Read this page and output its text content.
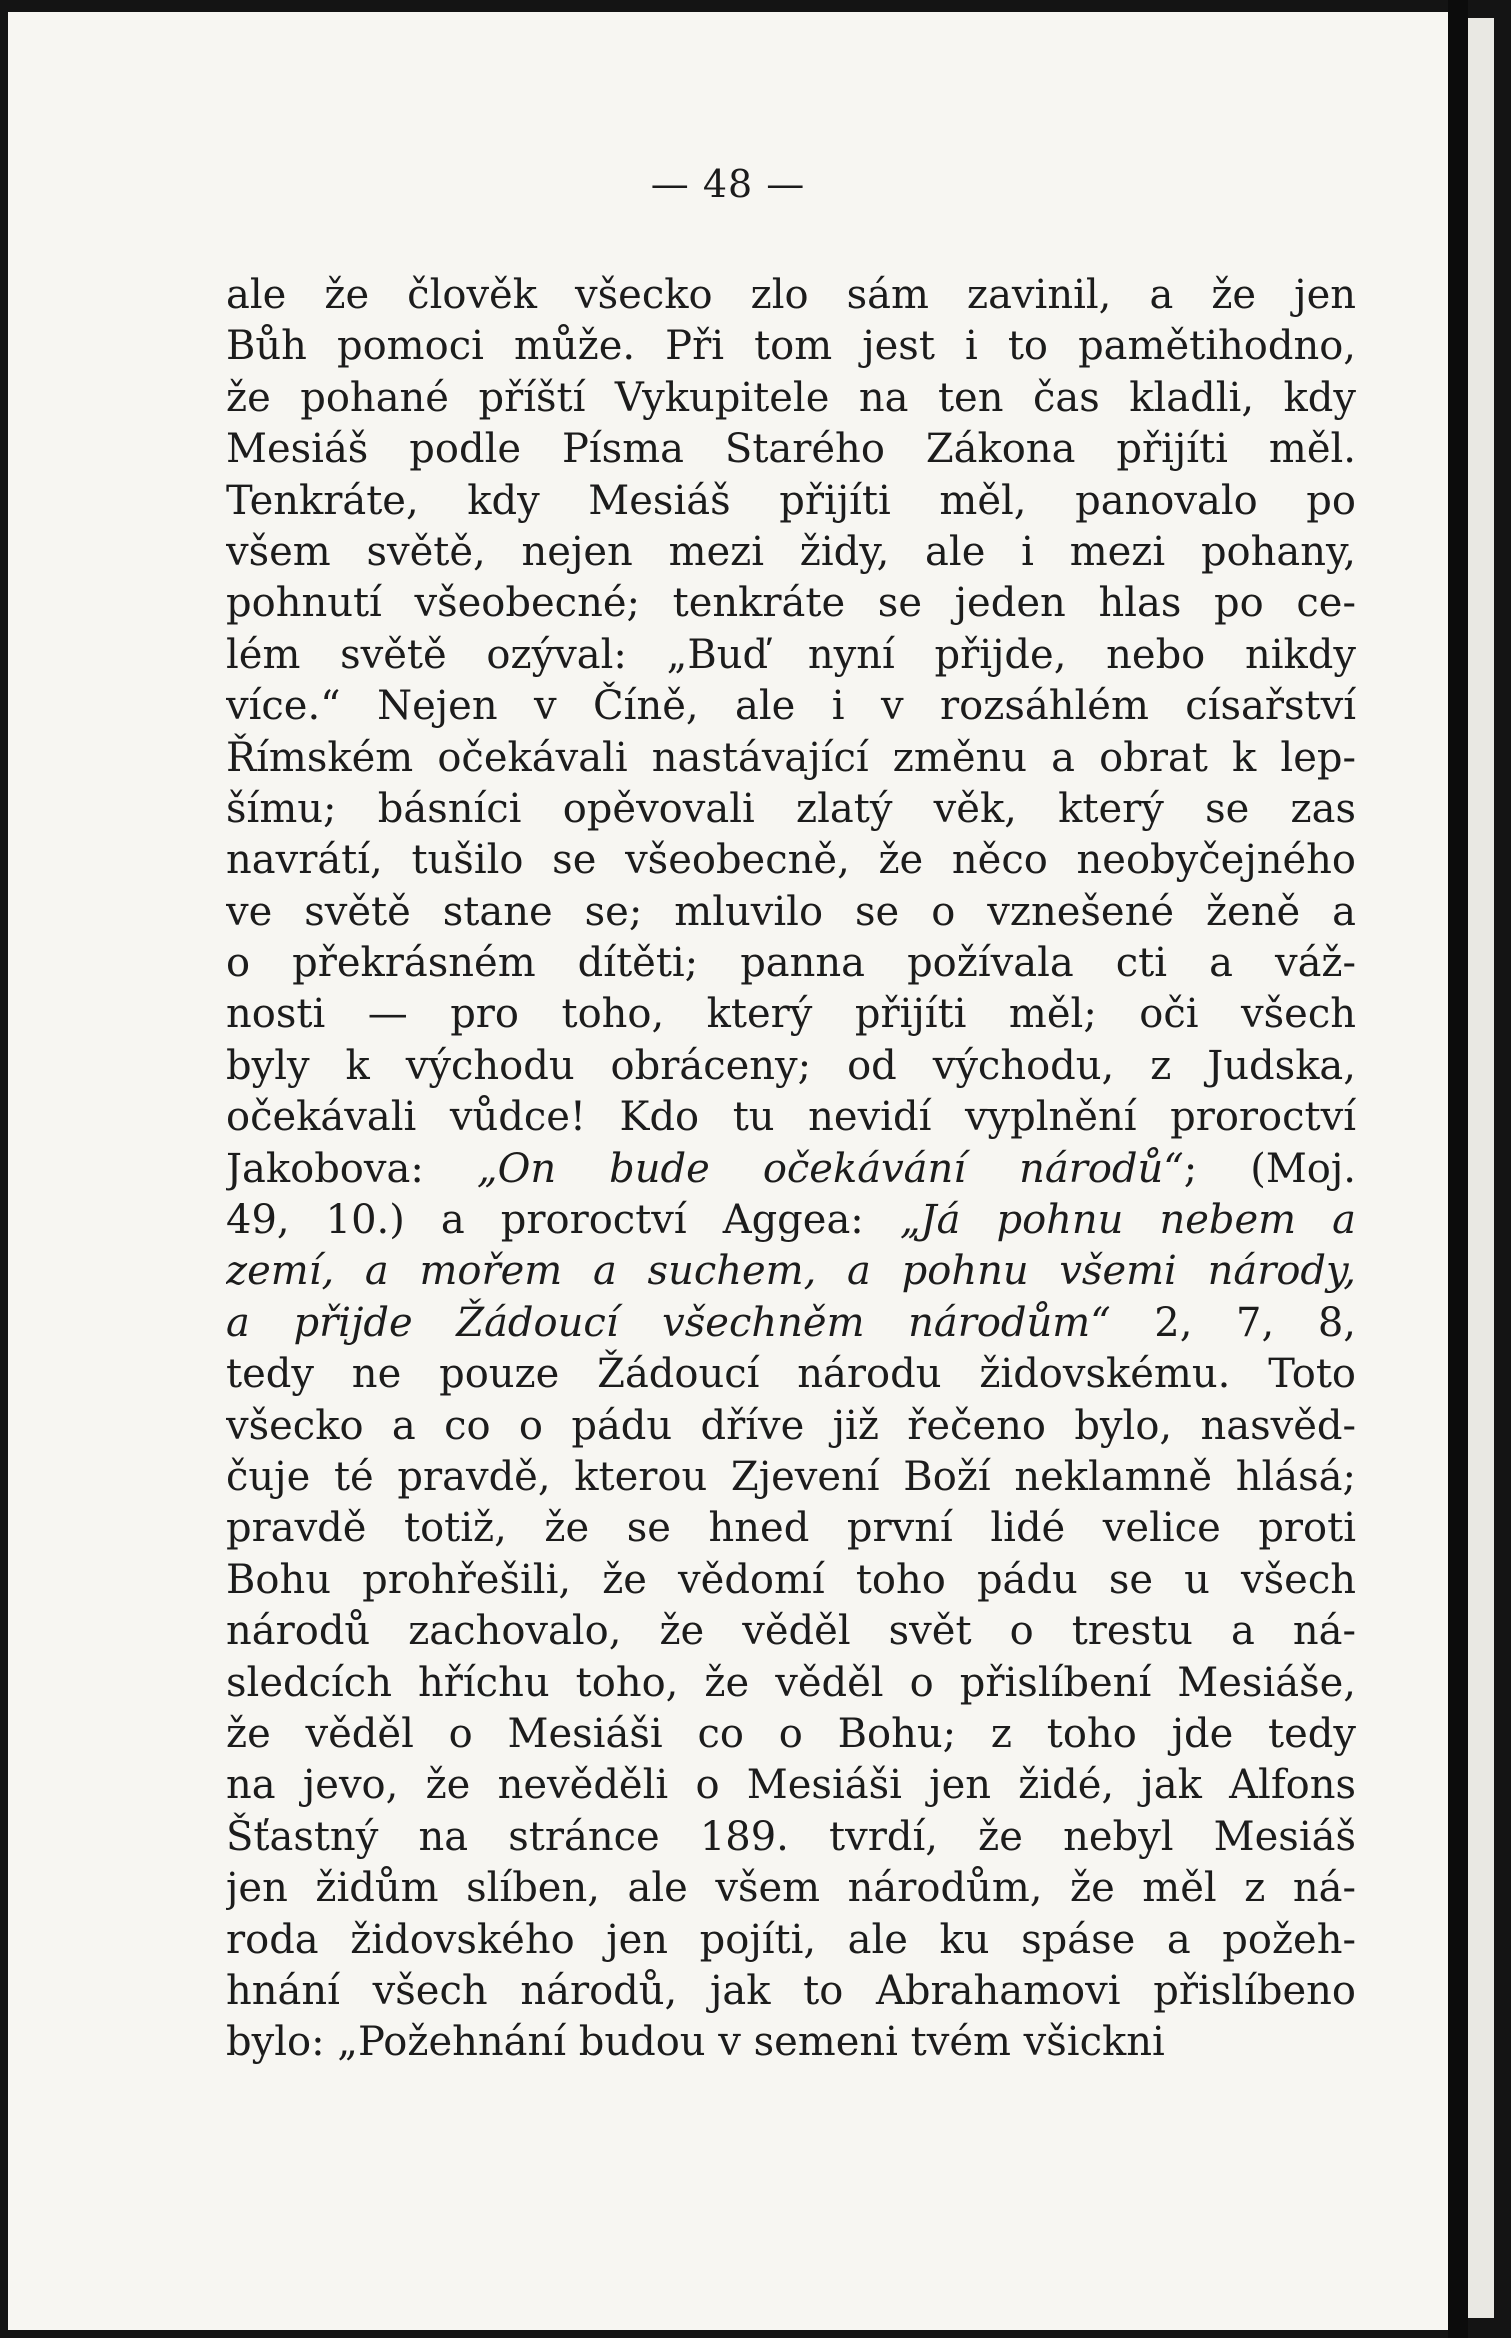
— 48 —
ale že člověk všecko zlo sám zavinil, a že jen
Bůh pomoci může. Při tom jest i to pamětihodno,
že pohané příští Vykupitele na ten čas kladli, kdy
Mesiáš podle Písma Starého Zákona přijíti měl.
Tenkráte, kdy Mesiáš přijíti měl, panovalo po
všem světě, nejen mezi židy, ale i mezi pohany,
pohnutí všeobecné; tenkráte se jeden hlas po ce-
lém světě ozýval: „Buď nyní přijde, nebo nikdy
více.“ Nejen v Číně, ale i v rozsáhlém císařství
Římském očekávali nastávající změnu a obrat k lep-
šímu; básníci opěvovali zlatý věk, který se zas
navrátí, tušilo se všeobecně, že něco neobyčejného
ve světě stane se; mluvilo se o vznešené ženě a
o překrásném dítěti; panna požívala cti a váž-
nosti — pro toho, který přijíti měl; oči všech
byly k východu obráceny; od východu, z Judska,
očekávali vůdce! Kdo tu nevidí vyplnění proroctví
Jakobova: „On bude očekávání národů“; (Moj.
49, 10.) a proroctví Aggea: „Já pohnu nebem a
zemí, a mořem a suchem, a pohnu všemi národy,
a přijde Žádoucí všechněm národům“ 2, 7, 8,
tedy ne pouze Žádoucí národu židovskému. Toto
všecko a co o pádu dříve již řečeno bylo, nasvěd-
čuje té pravdě, kterou Zjevení Boží neklamně hlásá;
pravdě totiž, že se hned první lidé velice proti
Bohu prohřešili, že vědomí toho pádu se u všech
národů zachovalo, že věděl svět o trestu a ná-
sledcích hříchu toho, že věděl o přislíbení Mesiáše,
že věděl o Mesiáši co o Bohu; z toho jde tedy
na jevo, že nevěděli o Mesiáši jen židé, jak Alfons
Šťastný na stránce 189. tvrdí, že nebyl Mesiáš
jen židům slíben, ale všem národům, že měl z ná-
roda židovského jen pojíti, ale ku spáse a požeh-
hnání všech národů, jak to Abrahamovi přislíbeno
bylo: „Požehnání budou v semeni tvém všickni
